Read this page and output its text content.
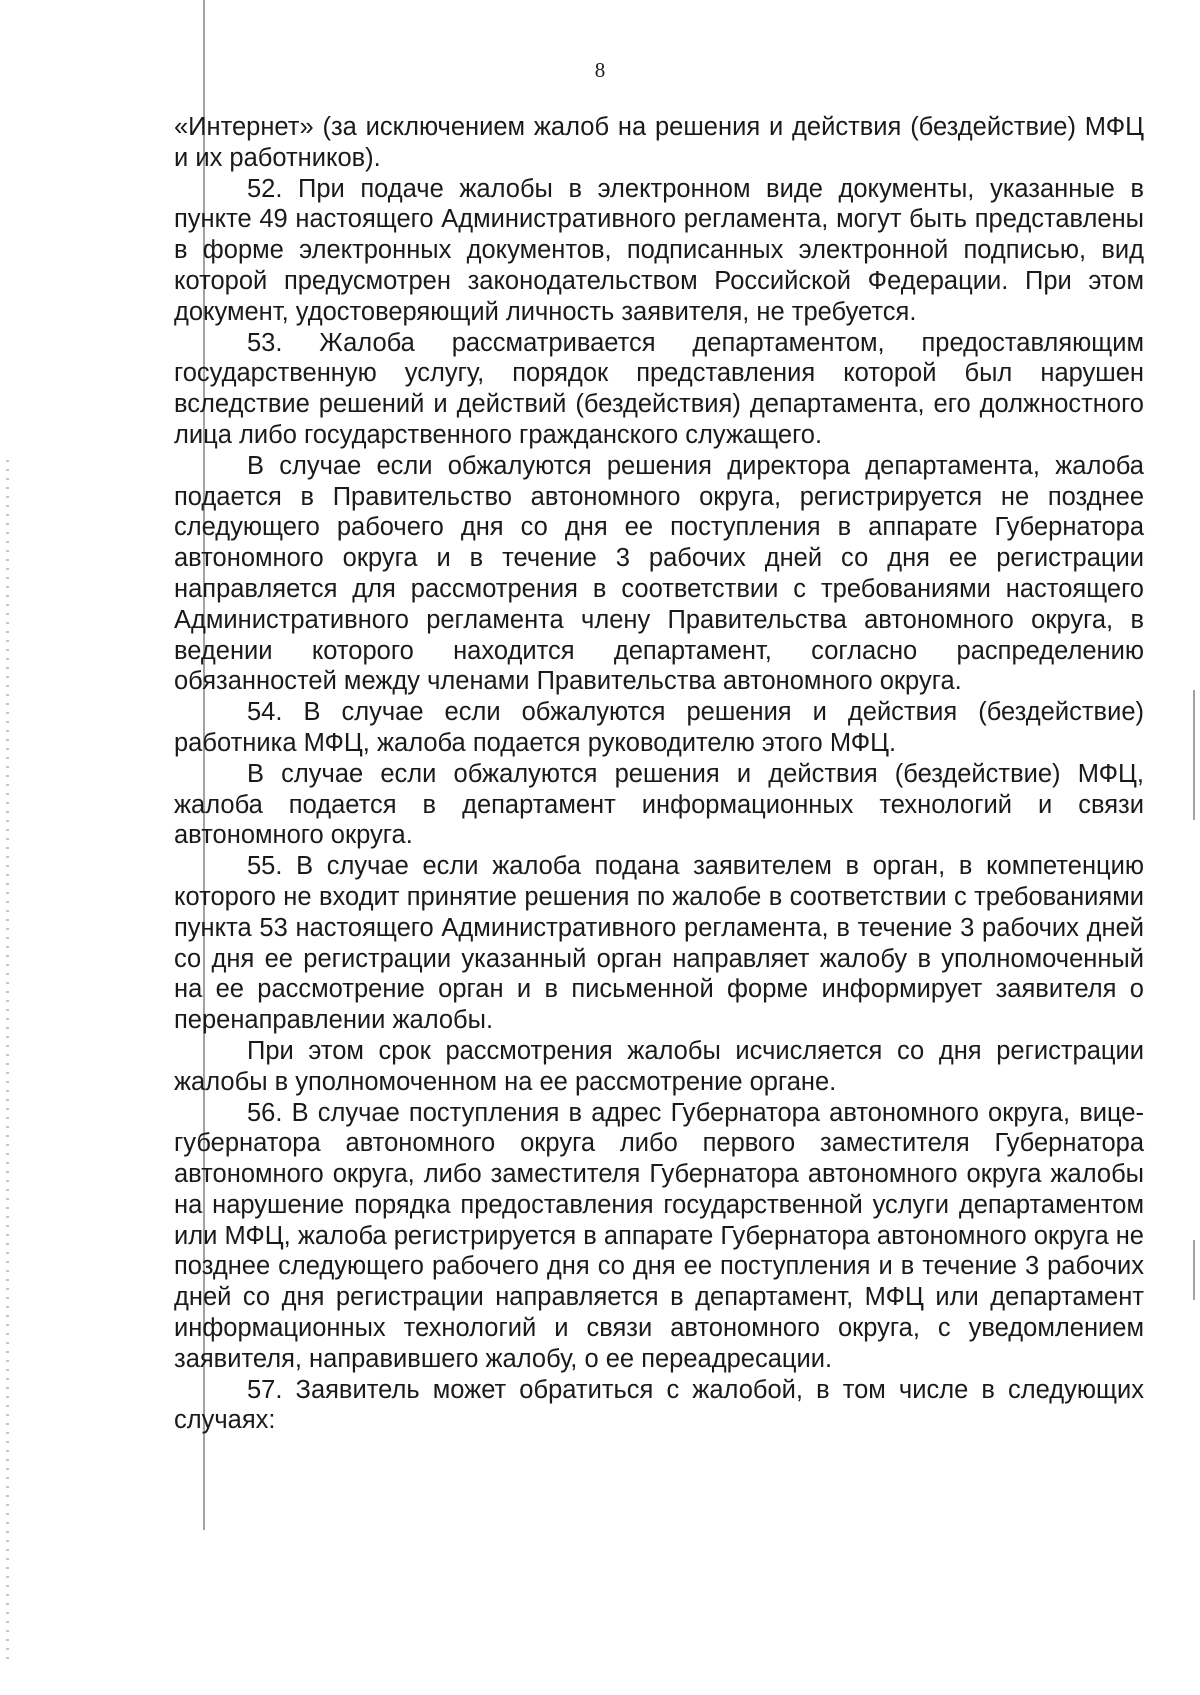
8

«Интернет» (за исключением жалоб на решения и действия (бездействие) МФЦ и их работников).

52. При подаче жалобы в электронном виде документы, указанные в пункте 49 настоящего Административного регламента, могут быть представлены в форме электронных документов, подписанных электронной подписью, вид которой предусмотрен законодательством Российской Федерации. При этом документ, удостоверяющий личность заявителя, не требуется.

53. Жалоба рассматривается департаментом, предоставляющим государственную услугу, порядок представления которой был нарушен вследствие решений и действий (бездействия) департамента, его должностного лица либо государственного гражданского служащего.

В случае если обжалуются решения директора департамента, жалоба подается в Правительство автономного округа, регистрируется не позднее следующего рабочего дня со дня ее поступления в аппарате Губернатора автономного округа и в течение 3 рабочих дней со дня ее регистрации направляется для рассмотрения в соответствии с требованиями настоящего Административного регламента члену Правительства автономного округа, в ведении которого находится департамент, согласно распределению обязанностей между членами Правительства автономного округа.

54. В случае если обжалуются решения и действия (бездействие) работника МФЦ, жалоба подается руководителю этого МФЦ.

В случае если обжалуются решения и действия (бездействие) МФЦ, жалоба подается в департамент информационных технологий и связи автономного округа.

55. В случае если жалоба подана заявителем в орган, в компетенцию которого не входит принятие решения по жалобе в соответствии с требованиями пункта 53 настоящего Административного регламента, в течение 3 рабочих дней со дня ее регистрации указанный орган направляет жалобу в уполномоченный на ее рассмотрение орган и в письменной форме информирует заявителя о перенаправлении жалобы.

При этом срок рассмотрения жалобы исчисляется со дня регистрации жалобы в уполномоченном на ее рассмотрение органе.

56. В случае поступления в адрес Губернатора автономного округа, вице-губернатора автономного округа либо первого заместителя Губернатора автономного округа, либо заместителя Губернатора автономного округа жалобы на нарушение порядка предоставления государственной услуги департаментом или МФЦ, жалоба регистрируется в аппарате Губернатора автономного округа не позднее следующего рабочего дня со дня ее поступления и в течение 3 рабочих дней со дня регистрации направляется в департамент, МФЦ или департамент информационных технологий и связи автономного округа, с уведомлением заявителя, направившего жалобу, о ее переадресации.

57. Заявитель может обратиться с жалобой, в том числе в следующих случаях:
